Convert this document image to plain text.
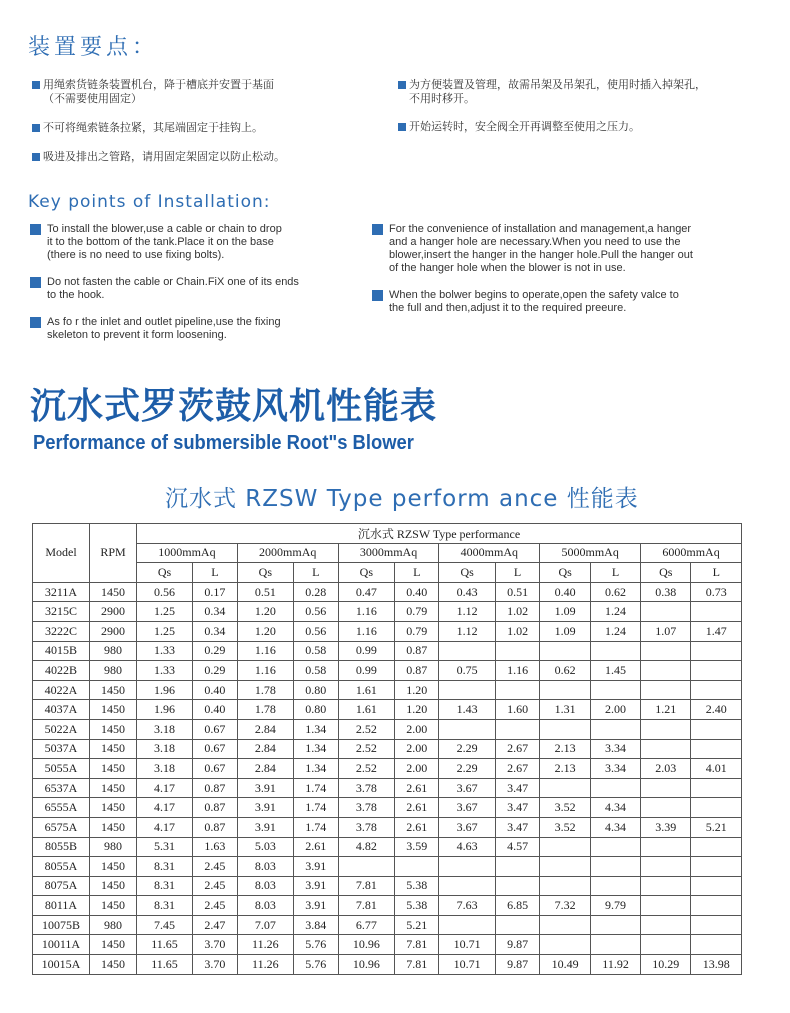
装置要点：
用绳索货链条装置机台，降于槽底并安置于基面
（不需要使用固定）
不可将绳索链条拉紧，其尾端固定于挂钩上。
吸进及排出之管路，请用固定架固定以防止松动。
为方便装置及管理，故需吊架及吊架孔，使用时插入掉架孔，
不用时移开。
开始运转时，安全阀全开再调整至使用之压力。
Key points of Installation:
To install the blower,use a cable or chain to drop
it to the bottom of the tank.Place it on the base
(there is no need to use fixing bolts).
Do not fasten the cable or Chain.FiX one of its ends
to the hook.
As fo r the inlet and outlet pipeline,use the fixing
skeleton to prevent it form loosening.
For the convenience of installation and management,a hanger
and a hanger hole are necessary.When you need to use the
blower,insert the hanger in the hanger hole.Pull the hanger out
of the hanger hole when the blower is not in use.
When the bolwer begins to operate,open the safety valce to
the full and then,adjust it to the required preeure.
沉水式罗茨鼓风机性能表
Performance of submersible Root"s Blower
沉水式 RZSW Type perform ance 性能表
Model	RPM	沉水式 RZSW Type performance											
		1000mmAq		2000mmAq		3000mmAq		4000mmAq		5000mmAq		6000mmAq	
		Qs	L	Qs	L	Qs	L	Qs	L	Qs	L	Qs	L
3211A	1450	0.56	0.17	0.51	0.28	0.47	0.40	0.43	0.51	0.40	0.62	0.38	0.73
3215C	2900	1.25	0.34	1.20	0.56	1.16	0.79	1.12	1.02	1.09	1.24		
3222C	2900	1.25	0.34	1.20	0.56	1.16	0.79	1.12	1.02	1.09	1.24	1.07	1.47
4015B	980	1.33	0.29	1.16	0.58	0.99	0.87						
4022B	980	1.33	0.29	1.16	0.58	0.99	0.87	0.75	1.16	0.62	1.45		
4022A	1450	1.96	0.40	1.78	0.80	1.61	1.20						
4037A	1450	1.96	0.40	1.78	0.80	1.61	1.20	1.43	1.60	1.31	2.00	1.21	2.40
5022A	1450	3.18	0.67	2.84	1.34	2.52	2.00						
5037A	1450	3.18	0.67	2.84	1.34	2.52	2.00	2.29	2.67	2.13	3.34		
5055A	1450	3.18	0.67	2.84	1.34	2.52	2.00	2.29	2.67	2.13	3.34	2.03	4.01
6537A	1450	4.17	0.87	3.91	1.74	3.78	2.61	3.67	3.47				
6555A	1450	4.17	0.87	3.91	1.74	3.78	2.61	3.67	3.47	3.52	4.34		
6575A	1450	4.17	0.87	3.91	1.74	3.78	2.61	3.67	3.47	3.52	4.34	3.39	5.21
8055B	980	5.31	1.63	5.03	2.61	4.82	3.59	4.63	4.57				
8055A	1450	8.31	2.45	8.03	3.91								
8075A	1450	8.31	2.45	8.03	3.91	7.81	5.38						
8011A	1450	8.31	2.45	8.03	3.91	7.81	5.38	7.63	6.85	7.32	9.79		
10075B	980	7.45	2.47	7.07	3.84	6.77	5.21						
10011A	1450	11.65	3.70	11.26	5.76	10.96	7.81	10.71	9.87				
10015A	1450	11.65	3.70	11.26	5.76	10.96	7.81	10.71	9.87	10.49	11.92	10.29	13.98
